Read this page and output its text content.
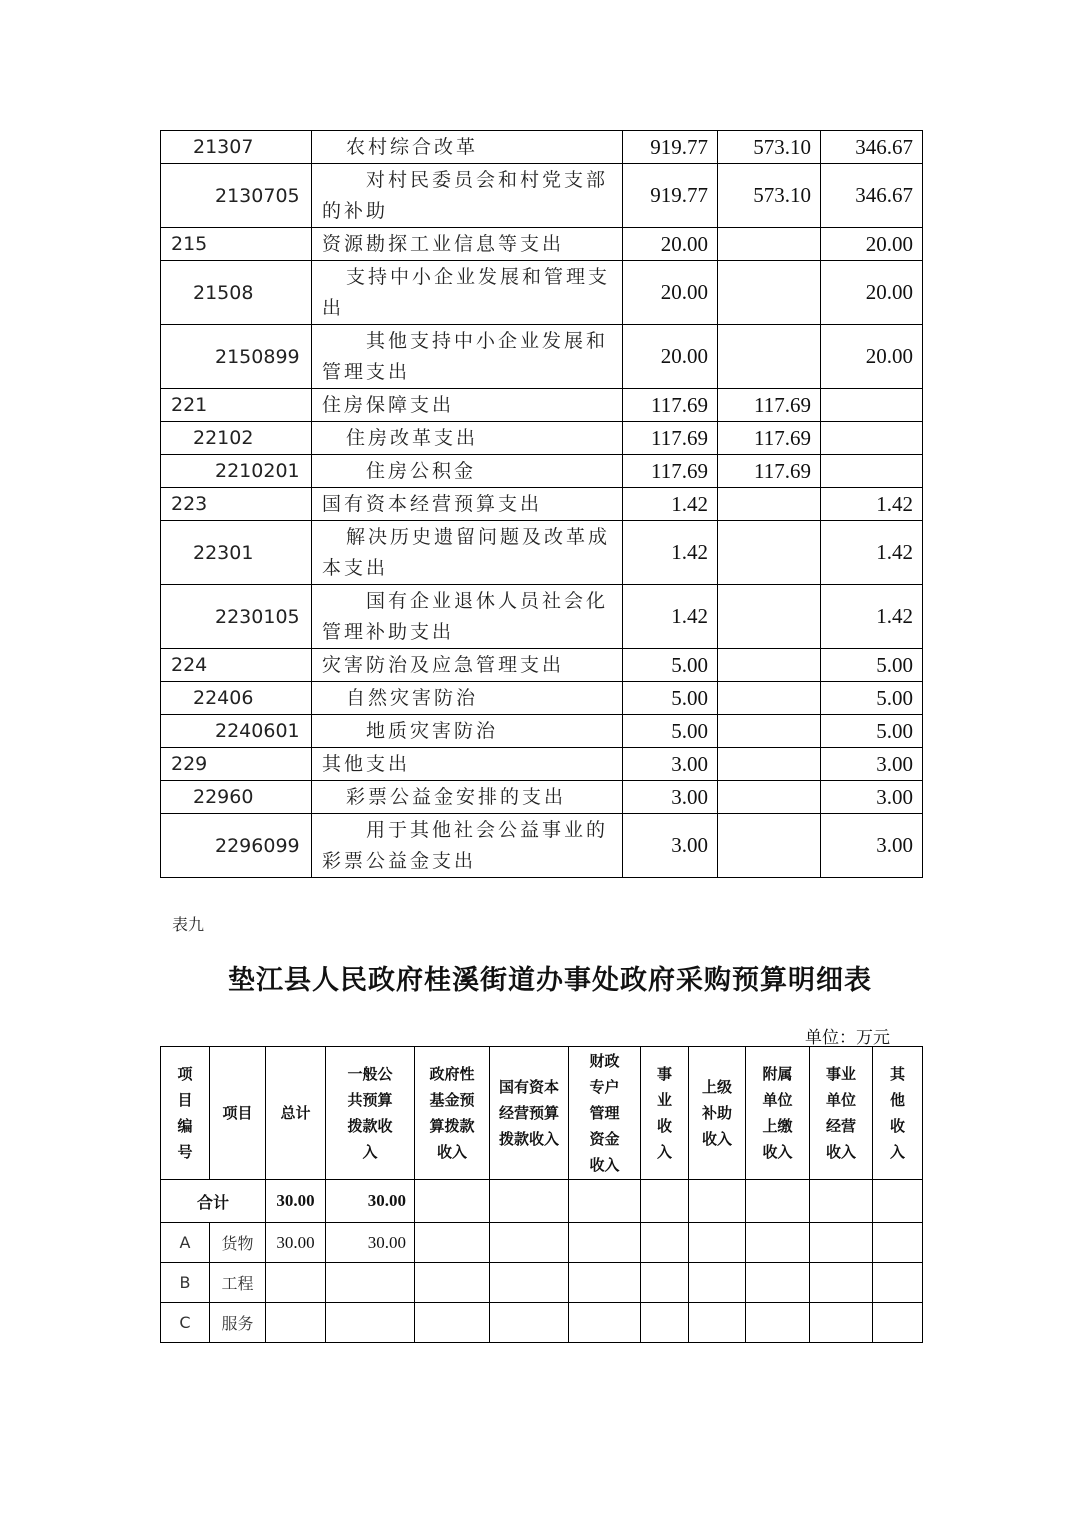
21307	农村综合改革	919.77	573.10	346.67
2130705	对村民委员会和村党支部的补助	919.77	573.10	346.67
215	资源勘探工业信息等支出	20.00		20.00
21508	支持中小企业发展和管理支出	20.00		20.00
2150899	其他支持中小企业发展和管理支出	20.00		20.00
221	住房保障支出	117.69	117.69	
22102	住房改革支出	117.69	117.69	
2210201	住房公积金	117.69	117.69	
223	国有资本经营预算支出	1.42		1.42
22301	解决历史遗留问题及改革成本支出	1.42		1.42
2230105	国有企业退休人员社会化管理补助支出	1.42		1.42
224	灾害防治及应急管理支出	5.00		5.00
22406	自然灾害防治	5.00		5.00
2240601	地质灾害防治	5.00		5.00
229	其他支出	3.00		3.00
22960	彩票公益金安排的支出	3.00		3.00
2296099	用于其他社会公益事业的彩票公益金支出	3.00		3.00
表九
垫江县人民政府桂溪街道办事处政府采购预算明细表
单位：万元
项目编号	项目	总计	一般公共预算拨款收入	政府性基金预算拨款收入	国有资本经营预算拨款收入	财政专户管理资金收入	事业收入	上级补助收入	附属单位上缴收入	事业单位经营收入	其他收入
合计		30.00	30.00								
A	货物	30.00	30.00								
B	工程										
C	服务										
